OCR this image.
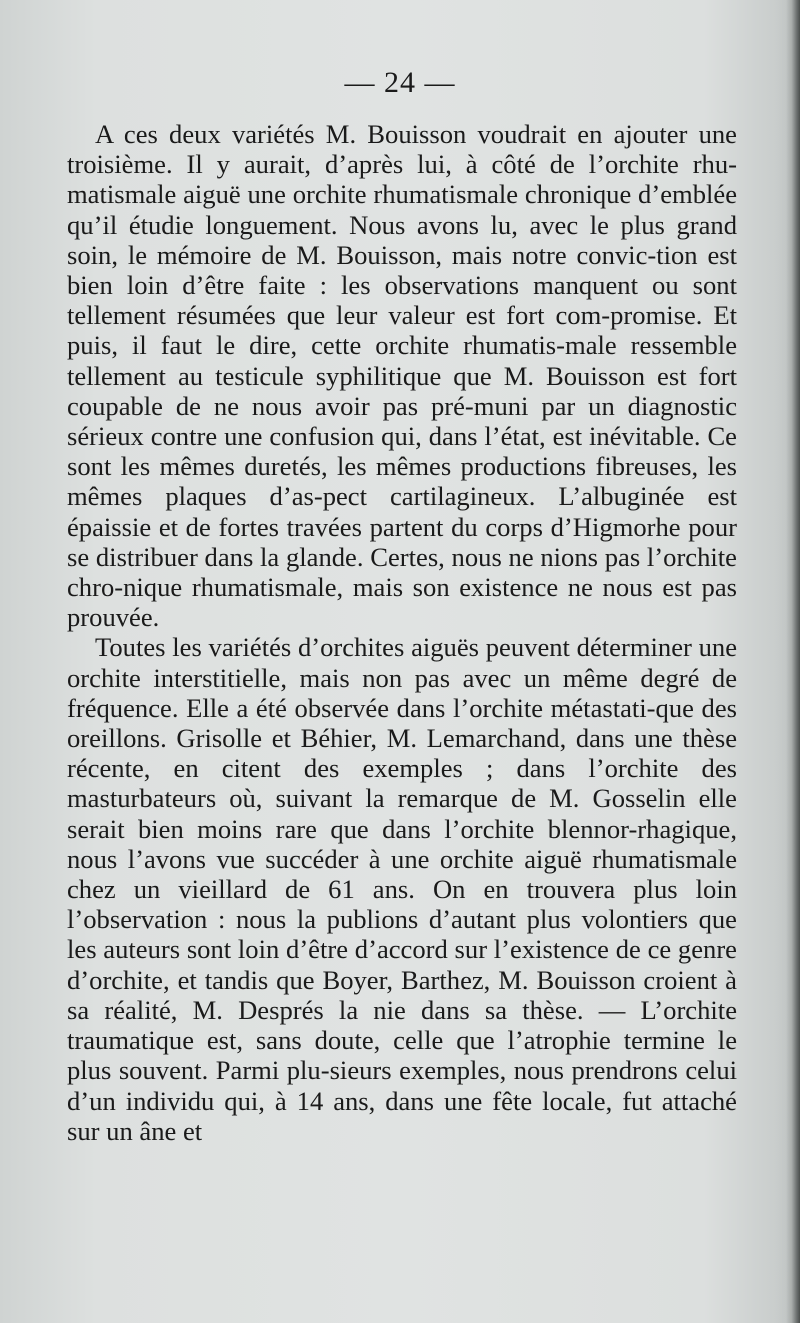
— 24 —

A ces deux variétés M. Bouisson voudrait en ajouter une troisième. Il y aurait, d’après lui, à côté de l’orchite rhu-matismale aiguë une orchite rhumatismale chronique d’emblée qu’il étudie longuement. Nous avons lu, avec le plus grand soin, le mémoire de M. Bouisson, mais notre convic-tion est bien loin d’être faite : les observations manquent ou sont tellement résumées que leur valeur est fort com-promise. Et puis, il faut le dire, cette orchite rhumatis-male ressemble tellement au testicule syphilitique que M. Bouisson est fort coupable de ne nous avoir pas pré-muni par un diagnostic sérieux contre une confusion qui, dans l’état, est inévitable. Ce sont les mêmes duretés, les mêmes productions fibreuses, les mêmes plaques d’as-pect cartilagineux. L’albuginée est épaissie et de fortes travées partent du corps d’Higmorhe pour se distribuer dans la glande. Certes, nous ne nions pas l’orchite chro-nique rhumatismale, mais son existence ne nous est pas prouvée.

Toutes les variétés d’orchites aiguës peuvent déterminer une orchite interstitielle, mais non pas avec un même degré de fréquence. Elle a été observée dans l’orchite métastati-que des oreillons. Grisolle et Béhier, M. Lemarchand, dans une thèse récente, en citent des exemples ; dans l’orchite des masturbateurs où, suivant la remarque de M. Gosselin elle serait bien moins rare que dans l’orchite blennor-rhagique, nous l’avons vue succéder à une orchite aiguë rhumatismale chez un vieillard de 61 ans. On en trouvera plus loin l’observation : nous la publions d’autant plus volontiers que les auteurs sont loin d’être d’accord sur l’existence de ce genre d’orchite, et tandis que Boyer, Barthez, M. Bouisson croient à sa réalité, M. Després la nie dans sa thèse. — L’orchite traumatique est, sans doute, celle que l’atrophie termine le plus souvent. Parmi plu-sieurs exemples, nous prendrons celui d’un individu qui, à 14 ans, dans une fête locale, fut attaché sur un âne et
